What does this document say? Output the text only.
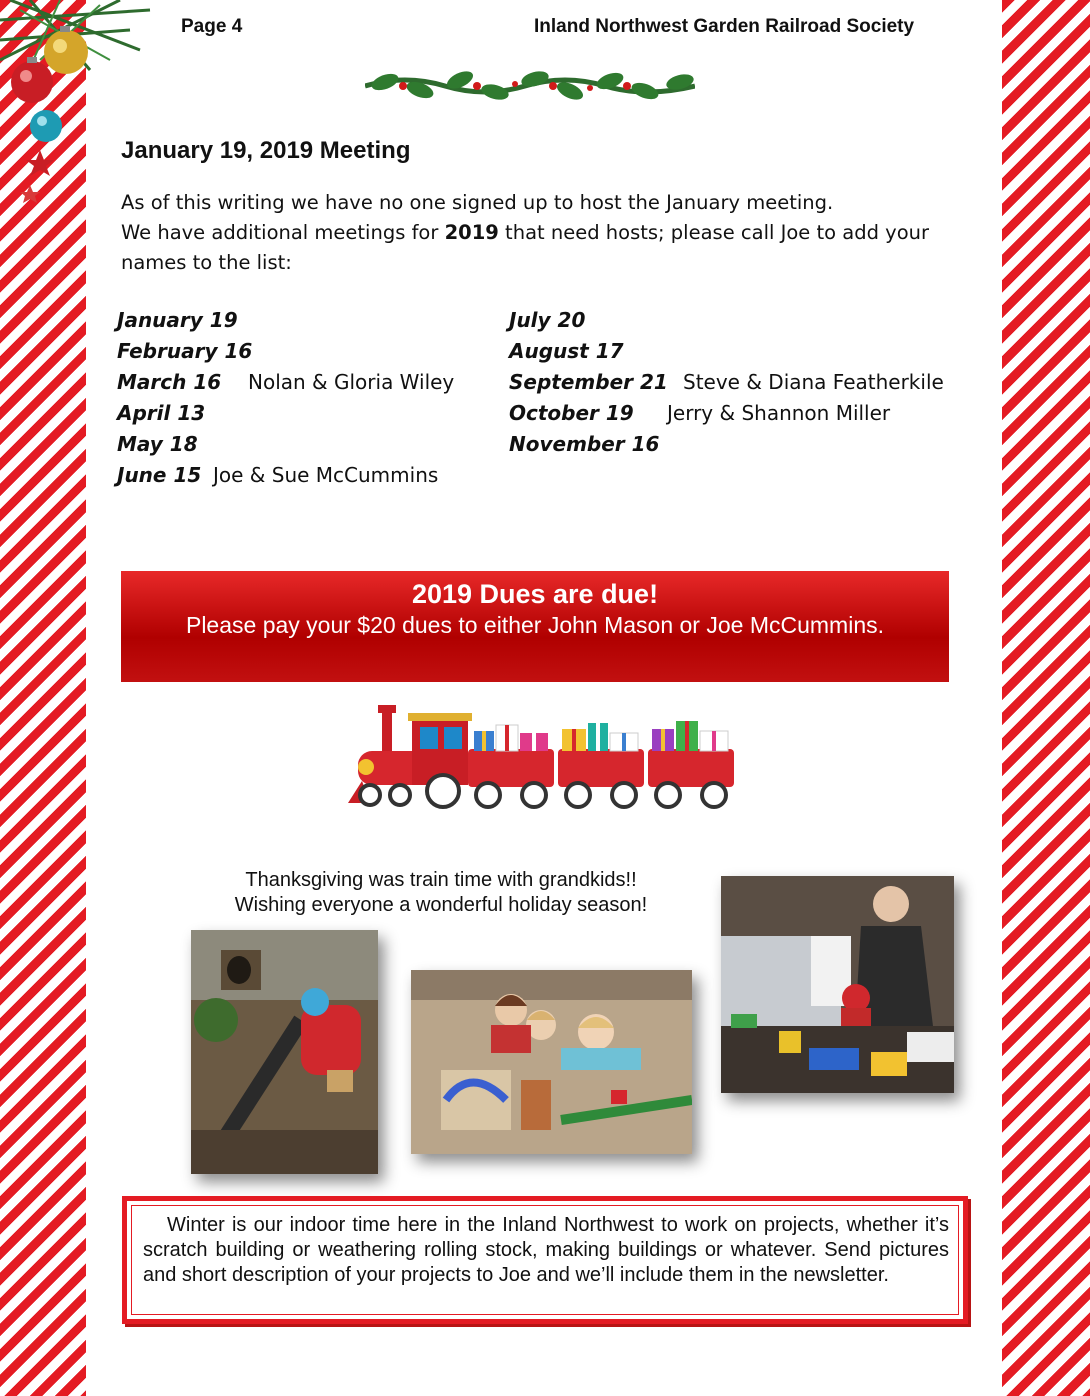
Page 4	Inland Northwest Garden Railroad Society
January 19, 2019 Meeting

As of this writing we have no one signed up to host the January meeting.

We have additional meetings for 2019 that need hosts; please call Joe to add your names to the list:

January 19
February 16
March 16 Nolan & Gloria Wiley
April 13
May 18
June 15 Joe & Sue McCummins
July 20
August 17
September 21 Steve & Diana Featherkile
October 19 Jerry & Shannon Miller
November 16
2019 Dues are due!
Please pay your $20 dues to either John Mason or Joe McCummins.
Thanksgiving was train time with grandkids!!
Wishing everyone a wonderful holiday season!
Winter is our indoor time here in the Inland Northwest to work on projects, whether it’s scratch building or weathering rolling stock, making buildings or whatever. Send pictures and short description of your projects to Joe and we’ll include them in the newsletter.
